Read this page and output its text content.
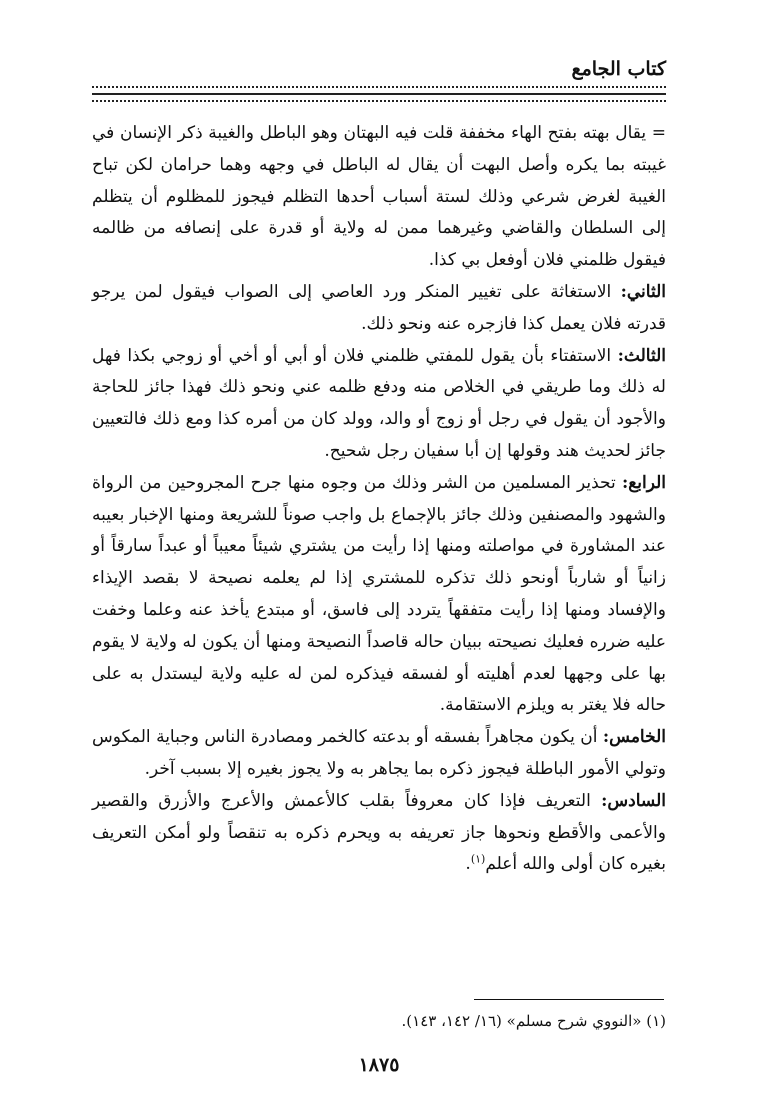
كتاب الجامع

= يقال بهته بفتح الهاء مخففة قلت فيه البهتان وهو الباطل والغيبة ذكر الإنسان في غيبته بما يكره وأصل البهت أن يقال له الباطل في وجهه وهما حرامان لكن تباح الغيبة لغرض شرعي وذلك لستة أسباب أحدها التظلم فيجوز للمظلوم أن يتظلم إلى السلطان والقاضي وغيرهما ممن له ولاية أو قدرة على إنصافه من ظالمه فيقول ظلمني فلان أوفعل بي كذا.

الثاني: الاستغاثة على تغيير المنكر ورد العاصي إلى الصواب فيقول لمن يرجو قدرته فلان يعمل كذا فازجره عنه ونحو ذلك.

الثالث: الاستفتاء بأن يقول للمفتي ظلمني فلان أو أبي أو أخي أو زوجي بكذا فهل له ذلك وما طريقي في الخلاص منه ودفع ظلمه عني ونحو ذلك فهذا جائز للحاجة والأجود أن يقول في رجل أو زوج أو والد، وولد كان من أمره كذا ومع ذلك فالتعيين جائز لحديث هند وقولها إن أبا سفيان رجل شحيح.

الرابع: تحذير المسلمين من الشر وذلك من وجوه منها جرح المجروحين من الرواة والشهود والمصنفين وذلك جائز بالإجماع بل واجب صوناً للشريعة ومنها الإخبار بعيبه عند المشاورة في مواصلته ومنها إذا رأيت من يشتري شيئاً معيباً أو عبداً سارقاً أو زانياً أو شارباً أونحو ذلك تذكره للمشتري إذا لم يعلمه نصيحة لا بقصد الإيذاء والإفساد ومنها إذا رأيت متفقهاً يتردد إلى فاسق، أو مبتدع يأخذ عنه وعلما وخفت عليه ضرره فعليك نصيحته ببيان حاله قاصداً النصيحة ومنها أن يكون له ولاية لا يقوم بها على وجهها لعدم أهليته أو لفسقه فيذكره لمن له عليه ولاية ليستدل به على حاله فلا يغتر به ويلزم الاستقامة.

الخامس: أن يكون مجاهراً بفسقه أو بدعته كالخمر ومصادرة الناس وجباية المكوس وتولي الأمور الباطلة فيجوز ذكره بما يجاهر به ولا يجوز بغيره إلا بسبب آخر.

السادس: التعريف فإذا كان معروفاً بقلب كالأعمش والأعرج والأزرق والقصير والأعمى والأقطع ونحوها جاز تعريفه به ويحرم ذكره به تنقصاً ولو أمكن التعريف بغيره كان أولى والله أعلم$^{(١)}$.

(١) «النووي شرح مسلم» (١٦/ ١٤٢، ١٤٣).
١٨٧٥
